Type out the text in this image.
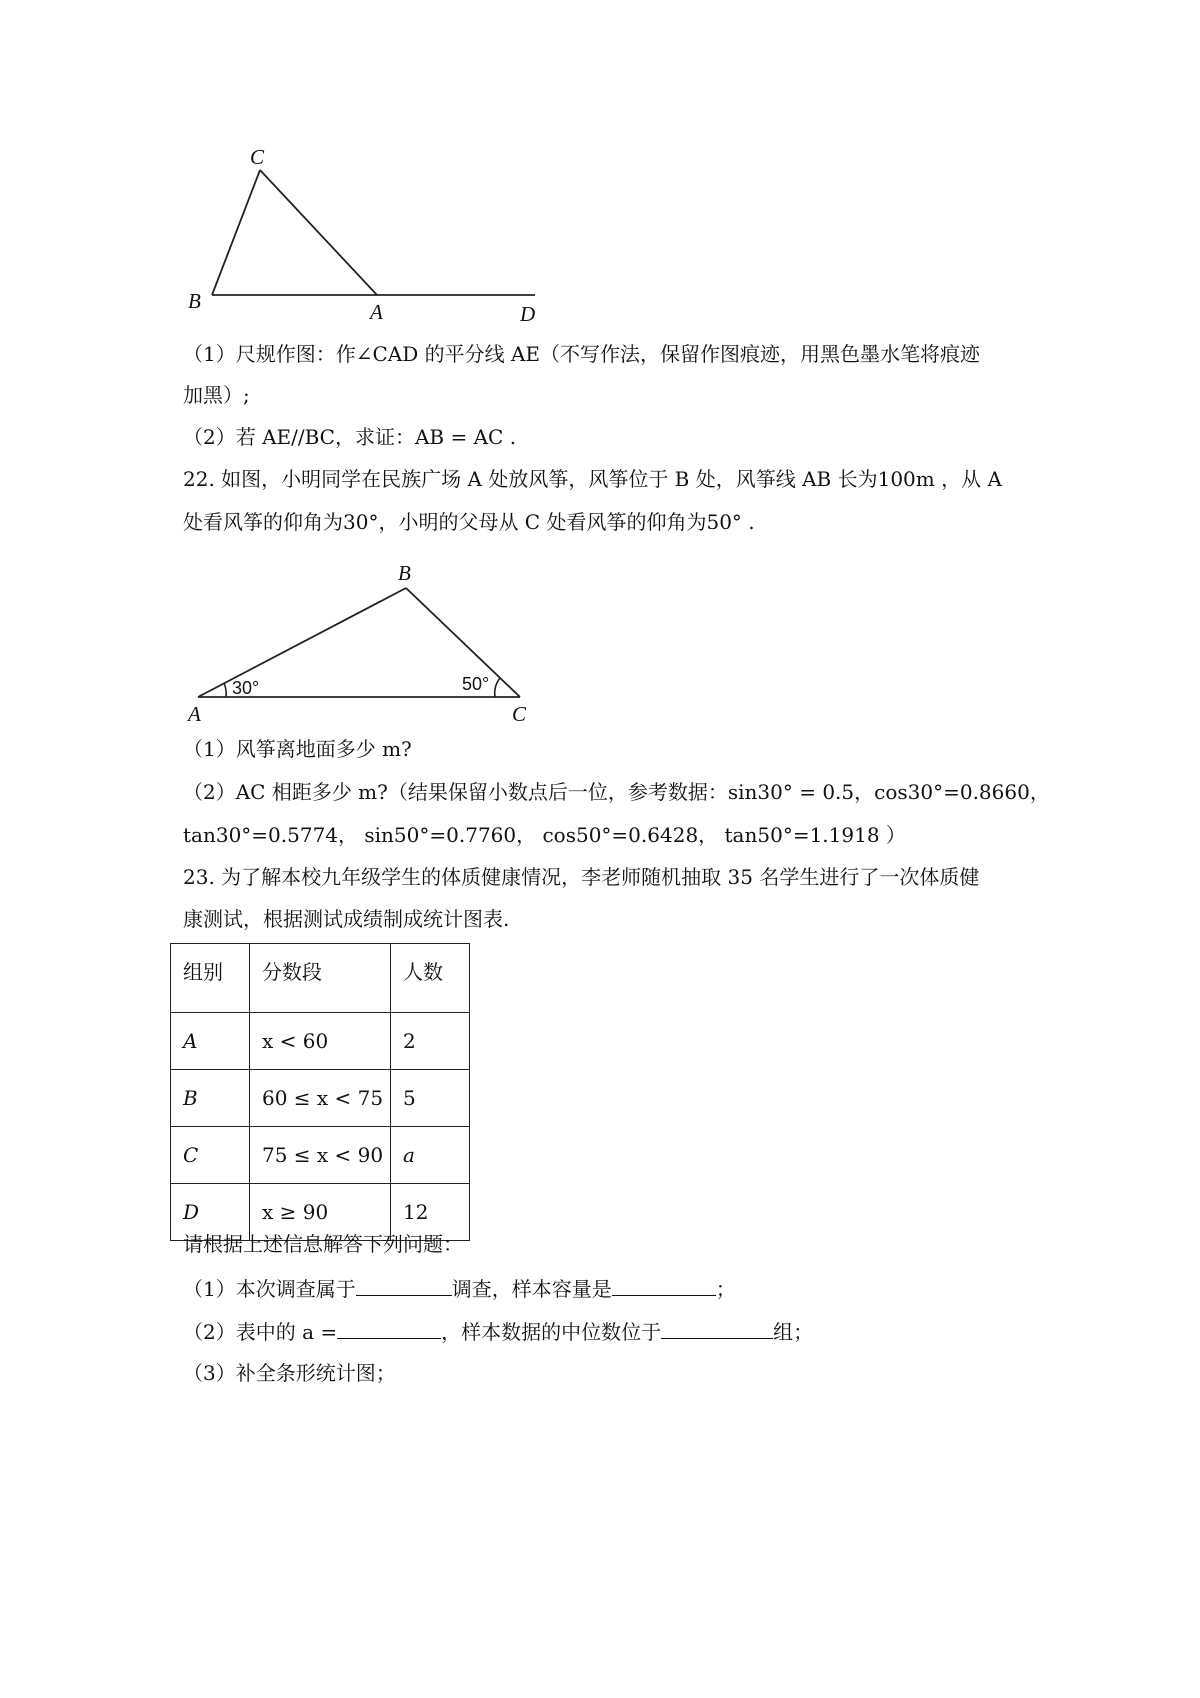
C
B	A	D
（1）尺规作图：作∠CAD 的平分线 AE（不写作法，保留作图痕迹，用黑色墨水笔将痕迹
加黑）;
（2）若 AE//BC，求证：AB = AC .
22. 如图，小明同学在民族广场 A 处放风筝，风筝位于 B 处，风筝线 AB 长为100m ，从 A
处看风筝的仰角为30°，小明的父母从 C 处看风筝的仰角为50° .
B
A	C
30°	50°
（1）风筝离地面多少 m?
（2）AC 相距多少 m?（结果保留小数点后一位，参考数据：sin30° = 0.5，cos30°=0.8660，
tan30°=0.5774， sin50°=0.7760， cos50°=0.6428， tan50°=1.1918 ）
23. 为了解本校九年级学生的体质健康情况，李老师随机抽取 35 名学生进行了一次体质健
康测试，根据测试成绩制成统计图表.
组别	分数段	人数
A	x < 60	2
B	60 ≤ x < 75	5
C	75 ≤ x < 90	a
D	x ≥ 90	12
请根据上述信息解答下列问题：
（1）本次调查属于	调查，样本容量是	；
（2）表中的 a =	，样本数据的中位数位于	组；
（3）补全条形统计图；
